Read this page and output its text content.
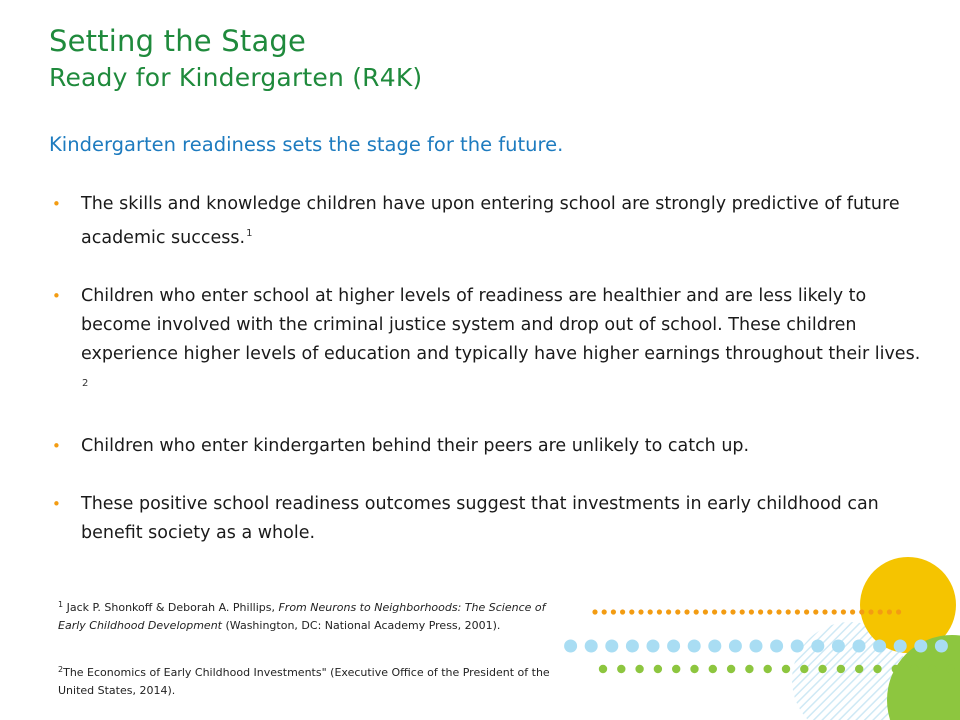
Setting the Stage
Ready for Kindergarten (R4K)

Kindergarten readiness sets the stage for the future.

• The skills and knowledge children have upon entering school are strongly predictive of future academic success.$^1$
• Children who enter school at higher levels of readiness are healthier and are less likely to become involved with the criminal justice system and drop out of school. These children experience higher levels of education and typically have higher earnings throughout their lives. $^2$
• Children who enter kindergarten behind their peers are unlikely to catch up.
• These positive school readiness outcomes suggest that investments in early childhood can benefit society as a whole.
$^1$ Jack P. Shonkoff & Deborah A. Phillips, From Neurons to Neighborhoods: The Science of Early Childhood Development (Washington, DC: National Academy Press, 2001).
$^2$The Economics of Early Childhood Investments" (Executive Office of the President of the United States, 2014).
